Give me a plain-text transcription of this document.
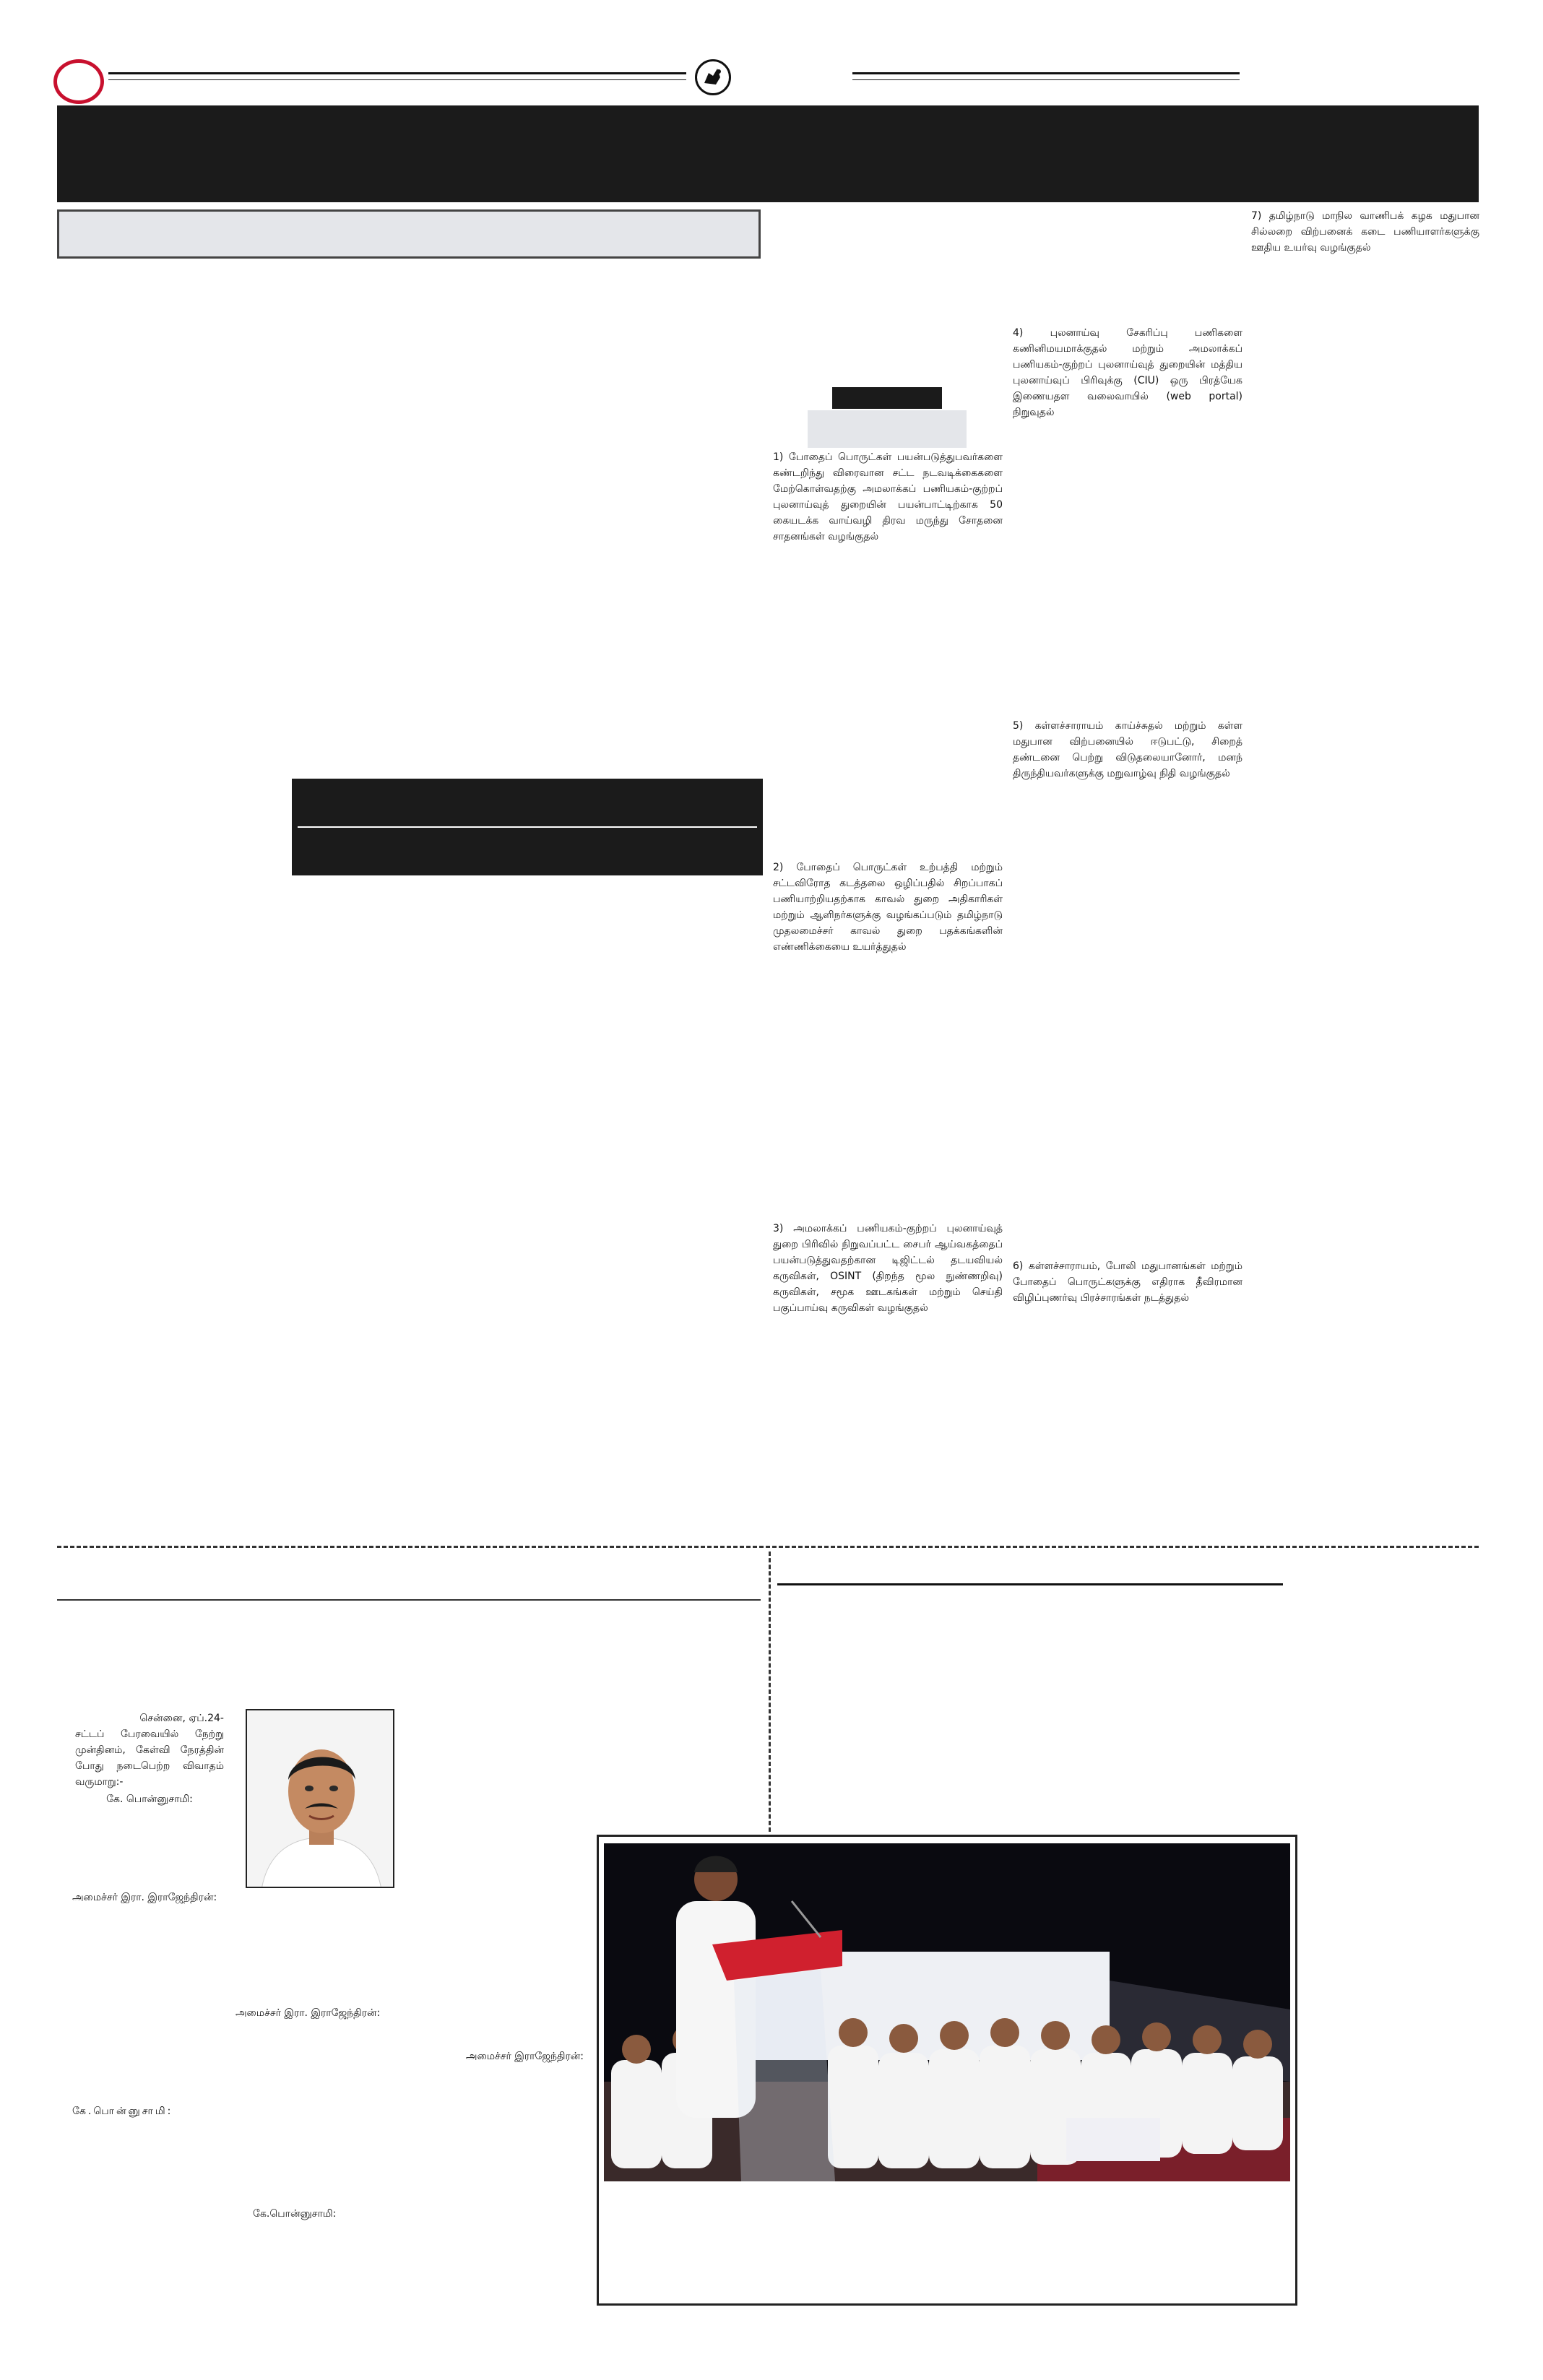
1) போதைப் பொருட்கள் பயன்படுத்துபவர்களை கண்டறிந்து விரைவான சட்ட நடவடிக்கைகளை மேற்கொள்வதற்கு அமலாக்கப் பணியகம்-குற்றப் புலனாய்வுத் துறையின் பயன்பாட்டிற்காக 50 கையடக்க வாய்வழி திரவ மருந்து சோதனை சாதனங்கள் வழங்குதல்
2) போதைப் பொருட்கள் உற்பத்தி மற்றும் சட்டவிரோத கடத்தலை ஒழிப்பதில் சிறப்பாகப் பணியாற்றியதற்காக காவல் துறை அதிகாரிகள் மற்றும் ஆளிநர்களுக்கு வழங்கப்படும் தமிழ்நாடு முதலமைச்சர் காவல் துறை பதக்கங்களின் எண்ணிக்கையை உயர்த்துதல்
3) அமலாக்கப் பணியகம்-குற்றப் புலனாய்வுத் துறை பிரிவில் நிறுவப்பட்ட சைபர் ஆய்வகத்தைப் பயன்படுத்துவதற்கான டிஜிட்டல் தடயவியல் கருவிகள், OSINT (திறந்த மூல நுண்ணறிவு) கருவிகள், சமூக ஊடகங்கள் மற்றும் செய்தி பகுப்பாய்வு கருவிகள் வழங்குதல்
4) புலனாய்வு சேகரிப்பு பணிகளை கணினிமயமாக்குதல் மற்றும் அமலாக்கப் பணியகம்-குற்றப் புலனாய்வுத் துறையின் மத்திய புலனாய்வுப் பிரிவுக்கு (CIU) ஒரு பிரத்யேக இணையதள வலைவாயில் (web portal) நிறுவுதல்
5) கள்ளச்சாராயம் காய்ச்சுதல் மற்றும் கள்ள மதுபான விற்பனையில் ஈடுபட்டு, சிறைத் தண்டனை பெற்று விடுதலையானோர், மனந் திருந்தியவர்களுக்கு மறுவாழ்வு நிதி வழங்குதல்
6) கள்ளச்சாராயம், போலி மதுபானங்கள் மற்றும் போதைப் பொருட்களுக்கு எதிராக தீவிரமான விழிப்புணர்வு பிரச்சாரங்கள் நடத்துதல்
7) தமிழ்நாடு மாநில வாணிபக் கழக மதுபான சில்லறை விற்பனைக் கடை பணியாளர்களுக்கு ஊதிய உயர்வு வழங்குதல்
சென்னை, ஏப்.24-
சட்டப் பேரவையில் நேற்று முன்தினம், கேள்வி நேரத்தின் போது நடைபெற்ற விவாதம் வருமாறு:-
கே. பொன்னுசாமி:
அமைச்சர் இரா. இராஜேந்திரன்:
அமைச்சர் இரா. இராஜேந்திரன்:
அமைச்சர் இராஜேந்திரன்:
கே.பொன்னுசாமி:
கே.பொன்னுசாமி:
